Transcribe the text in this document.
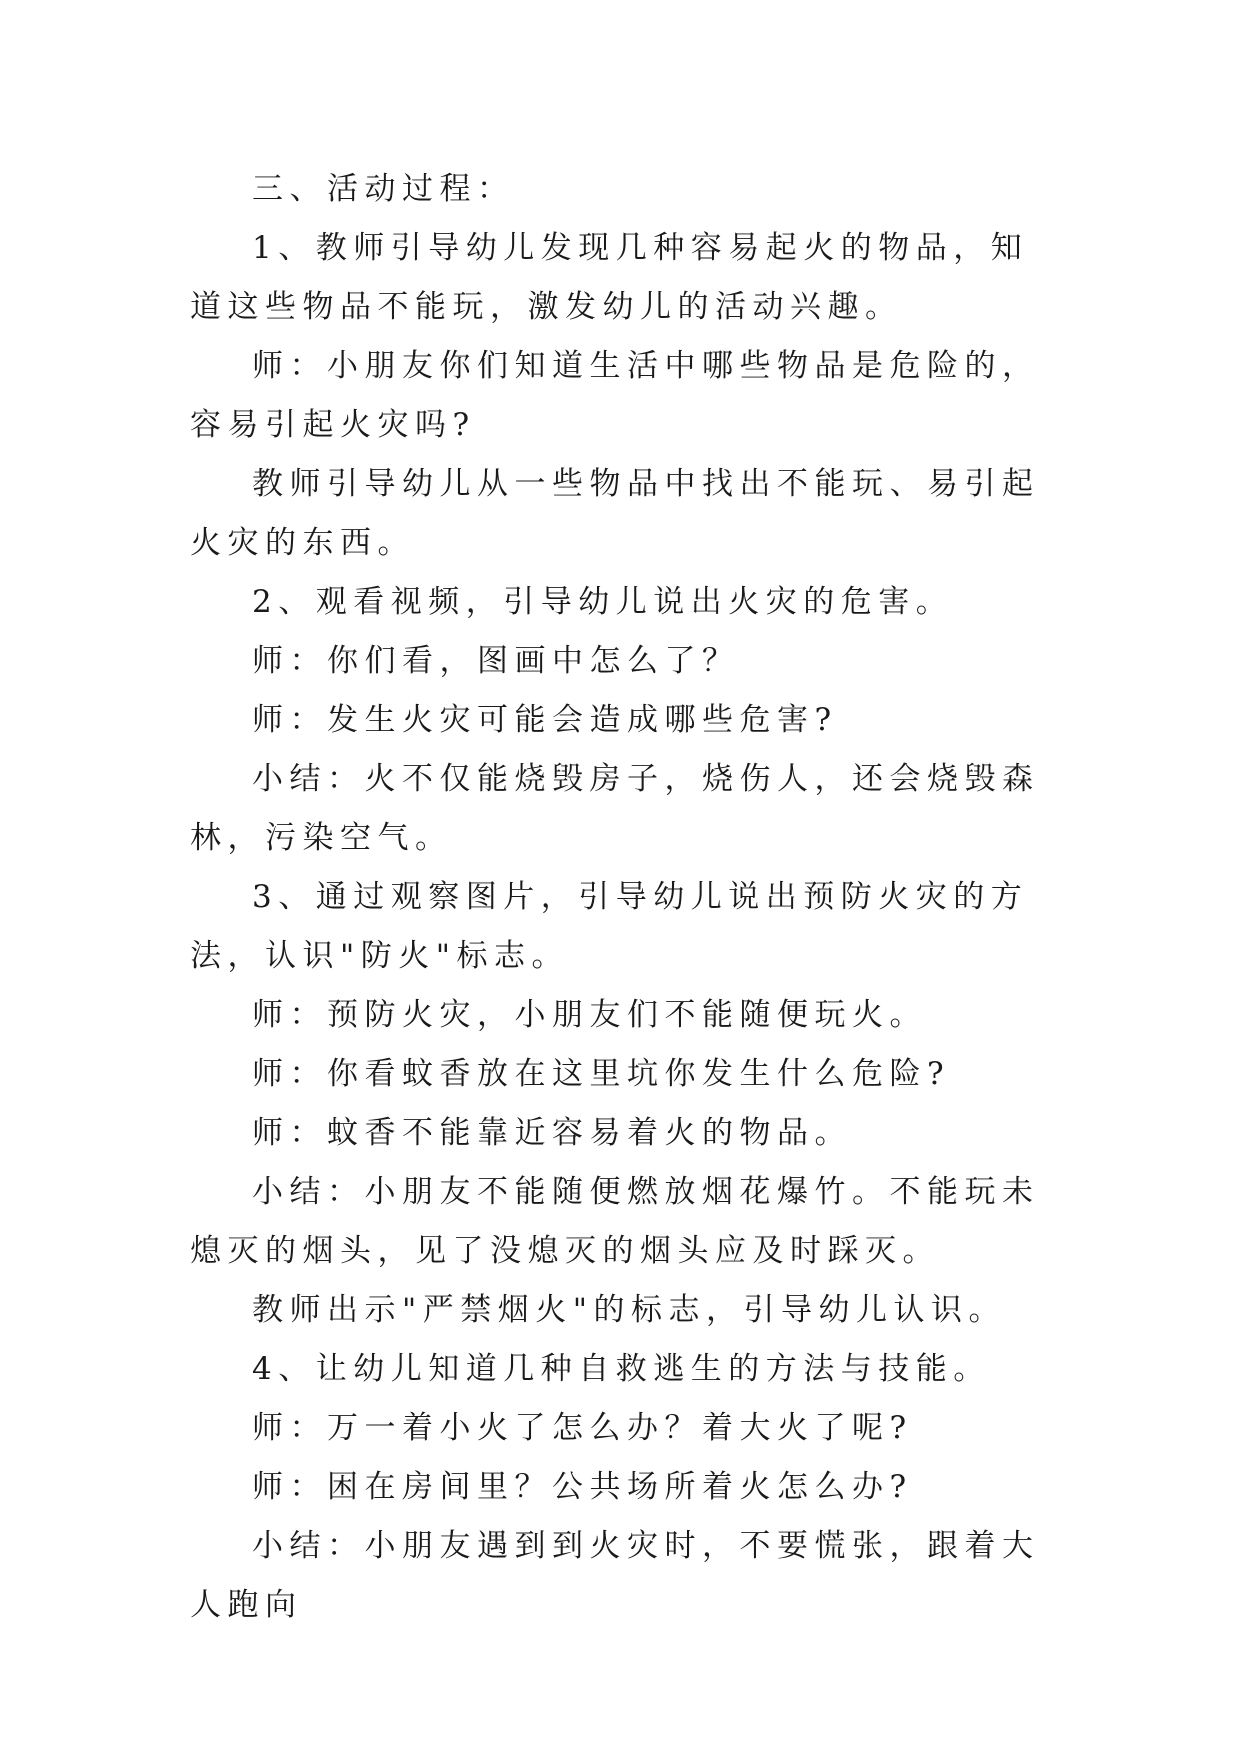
三、活动过程：

1、教师引导幼儿发现几种容易起火的物品，知道这些物品不能玩，激发幼儿的活动兴趣。

师：小朋友你们知道生活中哪些物品是危险的，容易引起火灾吗?

教师引导幼儿从一些物品中找出不能玩、易引起火灾的东西。

2、观看视频，引导幼儿说出火灾的危害。

师：你们看，图画中怎么了？

师：发生火灾可能会造成哪些危害?

小结：火不仅能烧毁房子，烧伤人，还会烧毁森林，污染空气。

3、通过观察图片，引导幼儿说出预防火灾的方法，认识"防火"标志。

师：预防火灾，小朋友们不能随便玩火。

师：你看蚊香放在这里坑你发生什么危险?

师：蚊香不能靠近容易着火的物品。

小结：小朋友不能随便燃放烟花爆竹。不能玩未熄灭的烟头，见了没熄灭的烟头应及时踩灭。

教师出示"严禁烟火"的标志，引导幼儿认识。

4、让幼儿知道几种自救逃生的方法与技能。

师：万一着小火了怎么办？着大火了呢?

师：困在房间里？公共场所着火怎么办?

小结：小朋友遇到到火灾时，不要慌张，跟着大人跑向
